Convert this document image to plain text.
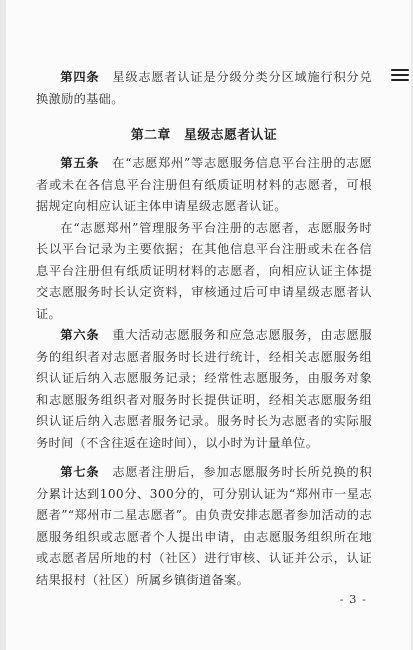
第四条　 星级志愿者认证是分级分类分区域施行积分兑换激励的基础。

第二章　星级志愿者认证

第五条　 在“志愿郑州”等志愿服务信息平台注册的志愿者或未在各信息平台注册但有纸质证明材料的志愿者，可根据规定向相应认证主体申请星级志愿者认证。

在“志愿郑州”管理服务平台注册的志愿者，志愿服务时长以平台记录为主要依据；在其他信息平台注册或未在各信息平台注册但有纸质证明材料的志愿者，向相应认证主体提交志愿服务时长认定资料，审核通过后可申请星级志愿者认证。

第六条　 重大活动志愿服务和应急志愿服务，由志愿服务的组织者对志愿者服务时长进行统计，经相关志愿服务组织认证后纳入志愿服务记录；经常性志愿服务，由服务对象和志愿服务组织者对服务时长提供证明，经相关志愿服务组织认证后纳入志愿者服务记录。服务时长为志愿者的实际服务时间（不含往返在途时间），以小时为计量单位。

第七条　 志愿者注册后，参加志愿服务时长所兑换的积分累计达到100分、300分的，可分别认证为“郑州市一星志愿者”“郑州市二星志愿者”。由负责安排志愿者参加活动的志愿服务组织或志愿者个人提出申请，由志愿服务组织所在地或志愿者居所地的村（社区）进行审核、认证并公示，认证结果报村（社区）所属乡镇街道备案。

- 3 -
